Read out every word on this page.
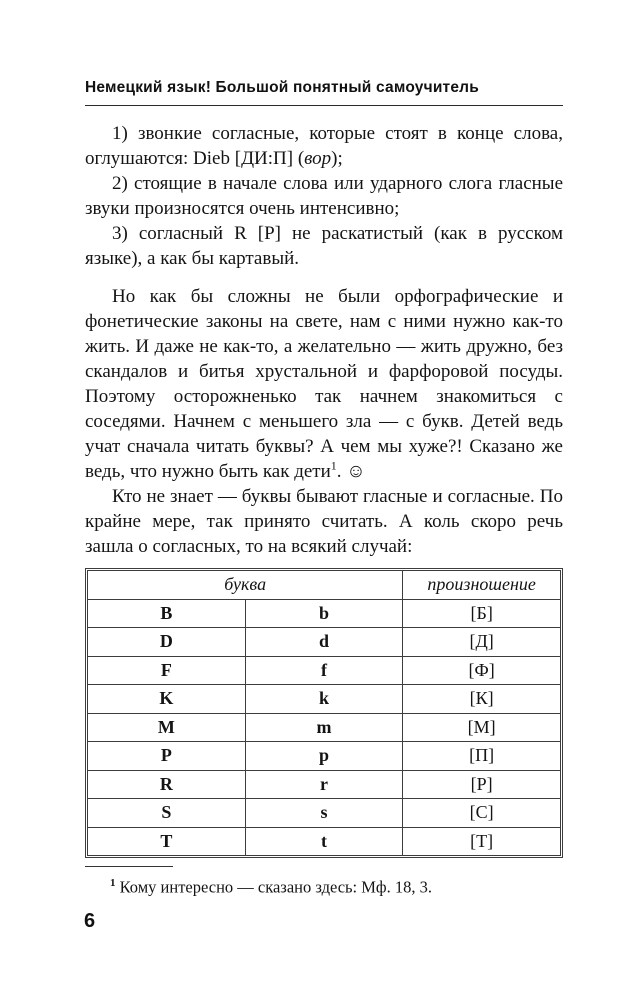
Немецкий язык! Большой понятный самоучитель

1) звонкие согласные, которые стоят в конце слова, оглушаются: Dieb [ДИ:П] (вор);

2) стоящие в начале слова или ударного слога гласные звуки произносятся очень интенсивно;

3) согласный R [Р] не раскатистый (как в русском языке), а как бы картавый.

Но как бы сложны не были орфографические и фонетические законы на свете, нам с ними нужно как-то жить. И даже не как-то, а желательно — жить дружно, без скандалов и битья хрустальной и фарфоровой посуды. Поэтому осторожненько так начнем знакомиться с соседями. Начнем с меньшего зла — с букв. Детей ведь учат сначала читать буквы? А чем мы хуже?! Сказано же ведь, что нужно быть как дети$^1$. ☺

Кто не знает — буквы бывают гласные и согласные. По крайне мере, так принято считать. А коль скоро речь зашла о согласных, то на всякий случай:

буква		произношение
B	b	[Б]
D	d	[Д]
F	f	[Ф]
K	k	[К]
M	m	[М]
P	p	[П]
R	r	[Р]
S	s	[С]
T	t	[Т]

$^1$ Кому интересно — сказано здесь: Мф. 18, 3.

6
